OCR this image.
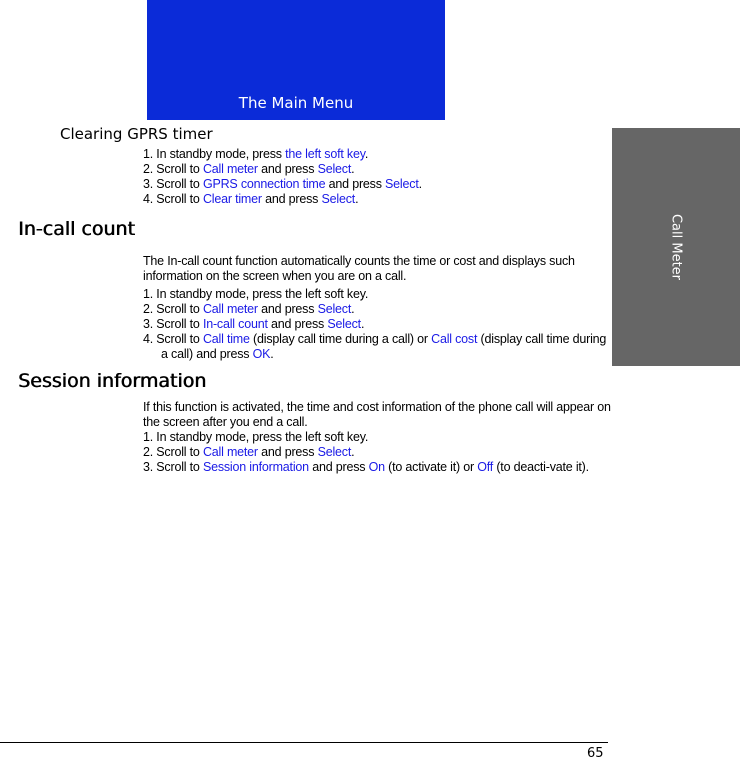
The Main Menu
Call Meter
Clearing GPRS timer

1. In standby mode, press the left soft key.

2. Scroll to Call meter and press Select.

3. Scroll to GPRS connection time and press Select.

4. Scroll to Clear timer and press Select.

In-call count

The In-call count function automatically counts the time or cost and displays such information on the screen when you are on a call.

1. In standby mode, press the left soft key.

2. Scroll to Call meter and press Select.

3. Scroll to In-call count and press Select.

4. Scroll to Call time (display call time during a call) or Call cost (display call time during a call) and press OK.

Session information

If this function is activated, the time and cost information of the phone call will appear on the screen after you end a call.

1. In standby mode, press the left soft key.

2. Scroll to Call meter and press Select.

3. Scroll to Session information and press On (to activate it) or Off (to deacti-vate it).

65
